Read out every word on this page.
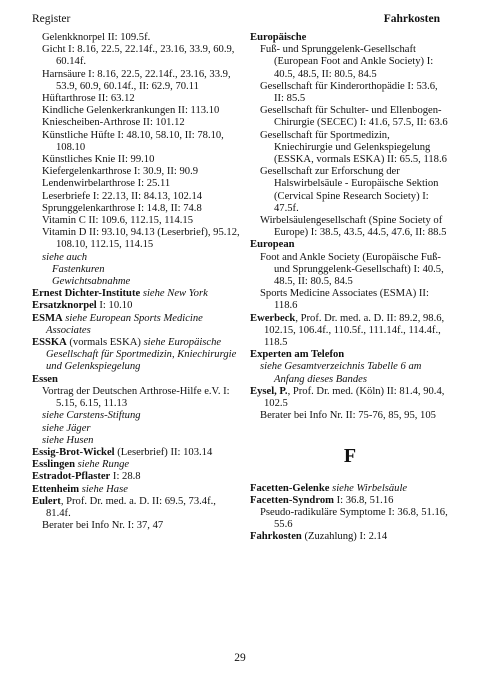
Register	Fahrkosten

Gelenkknorpel II: 109.5f.

Gicht I: 8.16, 22.5, 22.14f., 23.16, 33.9, 60.9, 60.14f.

Harnsäure I: 8.16, 22.5, 22.14f., 23.16, 33.9, 53.9, 60.9, 60.14f., II: 62.9, 70.11

Hüftarthrose II: 63.12

Kindliche Gelenkerkrankungen II: 113.10

Kniescheiben-Arthrose II: 101.12

Künstliche Hüfte I: 48.10, 58.10, II: 78.10, 108.10

Künstliches Knie II: 99.10

Kiefergelenkarthrose I: 30.9, II: 90.9

Lendenwirbelarthrose I: 25.11

Leserbriefe I: 22.13, II: 84.13, 102.14

Sprunggelenkarthrose I: 14.8, II: 74.8

Vitamin C II: 109.6, 112.15, 114.15

Vitamin D II: 93.10, 94.13 (Leserbrief), 95.12, 108.10, 112.15, 114.15

siehe auch

Fastenkuren

Gewichtsabnahme

Ernest Dichter-Institute siehe New York

Ersatzknorpel I: 10.10

ESMA siehe European Sports Medicine Associates

ESSKA (vormals ESKA) siehe Europäische Gesellschaft für Sportmedizin, Kniechirurgie und Gelenkspiegelung

Essen

Vortrag der Deutschen Arthrose-Hilfe e.V. I: 5.15, 6.15, 11.13

siehe Carstens-Stiftung

siehe Jäger

siehe Husen

Essig-Brot-Wickel (Leserbrief) II: 103.14

Esslingen siehe Runge

Estradot-Pflaster I: 28.8

Ettenheim siehe Hase

Eulert, Prof. Dr. med. a. D. II: 69.5, 73.4f., 81.4f.

Berater bei Info Nr. I: 37, 47

Europäische

Fuß- und Sprunggelenk-Gesellschaft (European Foot and Ankle Society) I: 40.5, 48.5, II: 80.5, 84.5

Gesellschaft für Kinderorthopädie I: 53.6, II: 85.5

Gesellschaft für Schulter- und Ellenbogen-Chirurgie (SECEC) I: 41.6, 57.5, II: 63.6

Gesellschaft für Sportmedizin, Kniechirurgie und Gelenkspiegelung (ESSKA, vormals ESKA) II: 65.5, 118.6

Gesellschaft zur Erforschung der Halswirbelsäule - Europäische Sektion (Cervical Spine Research Society) I: 47.5f.

Wirbelsäulengesellschaft (Spine Society of Europe) I: 38.5, 43.5, 44.5, 47.6, II: 88.5

European

Foot and Ankle Society (Europäische Fuß- und Sprunggelenk-Gesellschaft) I: 40.5, 48.5, II: 80.5, 84.5

Sports Medicine Associates (ESMA) II: 118.6

Ewerbeck, Prof. Dr. med. a. D. II: 89.2, 98.6, 102.15, 106.4f., 110.5f., 111.14f., 114.4f., 118.5

Experten am Telefon

siehe Gesamtverzeichnis Tabelle 6 am Anfang dieses Bandes

Eysel, P., Prof. Dr. med. (Köln) II: 81.4, 90.4, 102.5

Berater bei Info Nr. II: 75-76, 85, 95, 105

F

Facetten-Gelenke siehe Wirbelsäule

Facetten-Syndrom I: 36.8, 51.16

Pseudo-radikuläre Symptome I: 36.8, 51.16, 55.6

Fahrkosten (Zuzahlung) I: 2.14

29
